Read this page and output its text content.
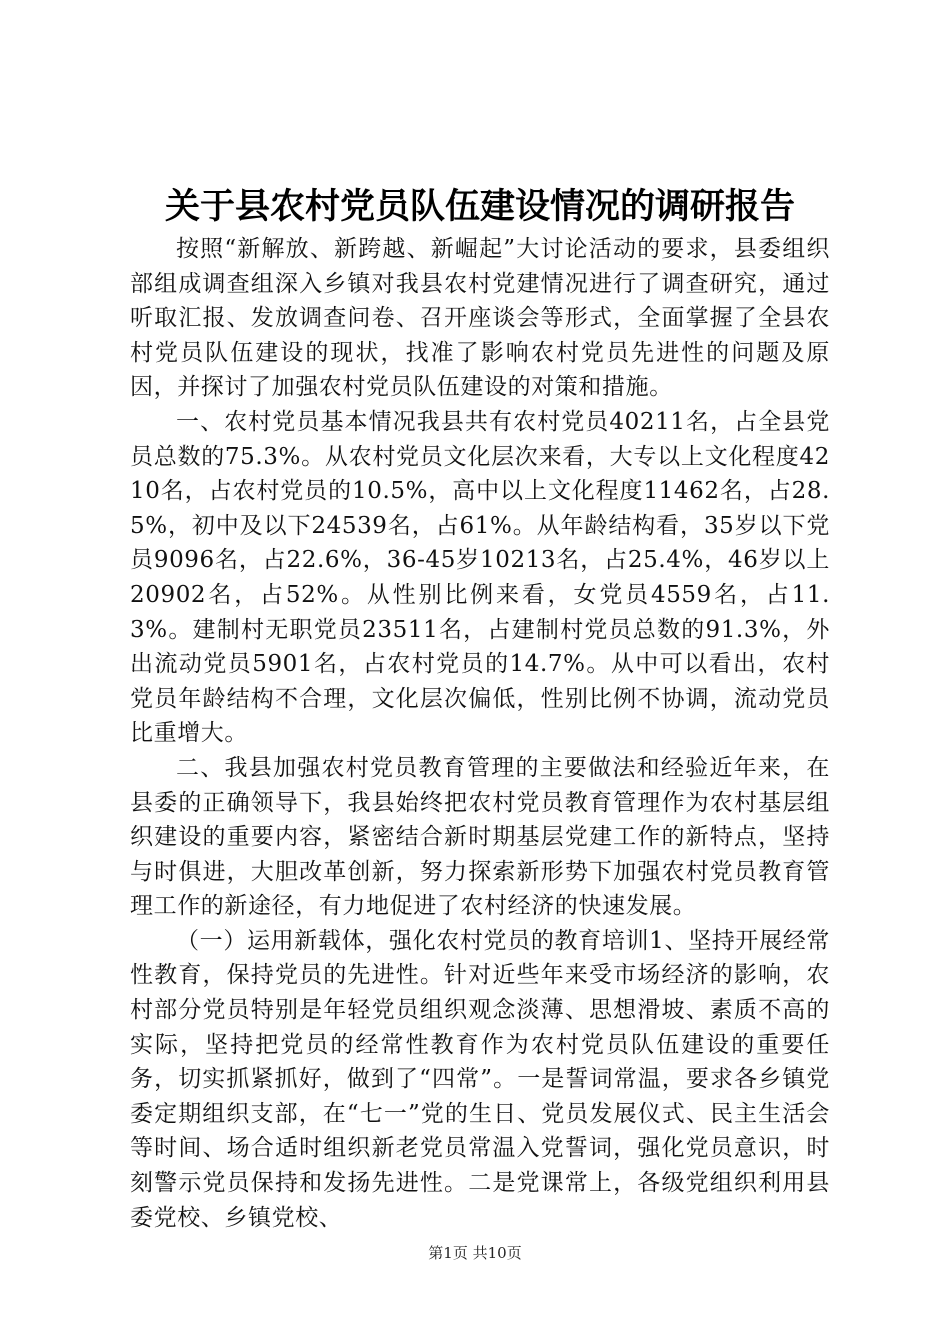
关于县农村党员队伍建设情况的调研报告

按照“新解放、新跨越、新崛起”大讨论活动的要求，县委组织部组成调查组深入乡镇对我县农村党建情况进行了调查研究，通过听取汇报、发放调查问卷、召开座谈会等形式，全面掌握了全县农村党员队伍建设的现状，找准了影响农村党员先进性的问题及原因，并探讨了加强农村党员队伍建设的对策和措施。

一、农村党员基本情况我县共有农村党员40211名，占全县党员总数的75.3%。从农村党员文化层次来看，大专以上文化程度4210名，占农村党员的10.5%，高中以上文化程度11462名，占28.5%，初中及以下24539名，占61%。从年龄结构看，35岁以下党员9096名，占22.6%，36-45岁10213名，占25.4%，46岁以上20902名，占52%。从性别比例来看，女党员4559名，占11.3%。建制村无职党员23511名，占建制村党员总数的91.3%，外出流动党员5901名，占农村党员的14.7%。从中可以看出，农村党员年龄结构不合理，文化层次偏低，性别比例不协调，流动党员比重增大。

二、我县加强农村党员教育管理的主要做法和经验近年来，在县委的正确领导下，我县始终把农村党员教育管理作为农村基层组织建设的重要内容，紧密结合新时期基层党建工作的新特点，坚持与时俱进，大胆改革创新，努力探索新形势下加强农村党员教育管理工作的新途径，有力地促进了农村经济的快速发展。

（一）运用新载体，强化农村党员的教育培训1、坚持开展经常性教育，保持党员的先进性。针对近些年来受市场经济的影响，农村部分党员特别是年轻党员组织观念淡薄、思想滑坡、素质不高的实际，坚持把党员的经常性教育作为农村党员队伍建设的重要任务，切实抓紧抓好，做到了“四常”。一是誓词常温，要求各乡镇党委定期组织支部，在“七一”党的生日、党员发展仪式、民主生活会等时间、场合适时组织新老党员常温入党誓词，强化党员意识，时刻警示党员保持和发扬先进性。二是党课常上，各级党组织利用县委党校、乡镇党校、

第1页 共10页
